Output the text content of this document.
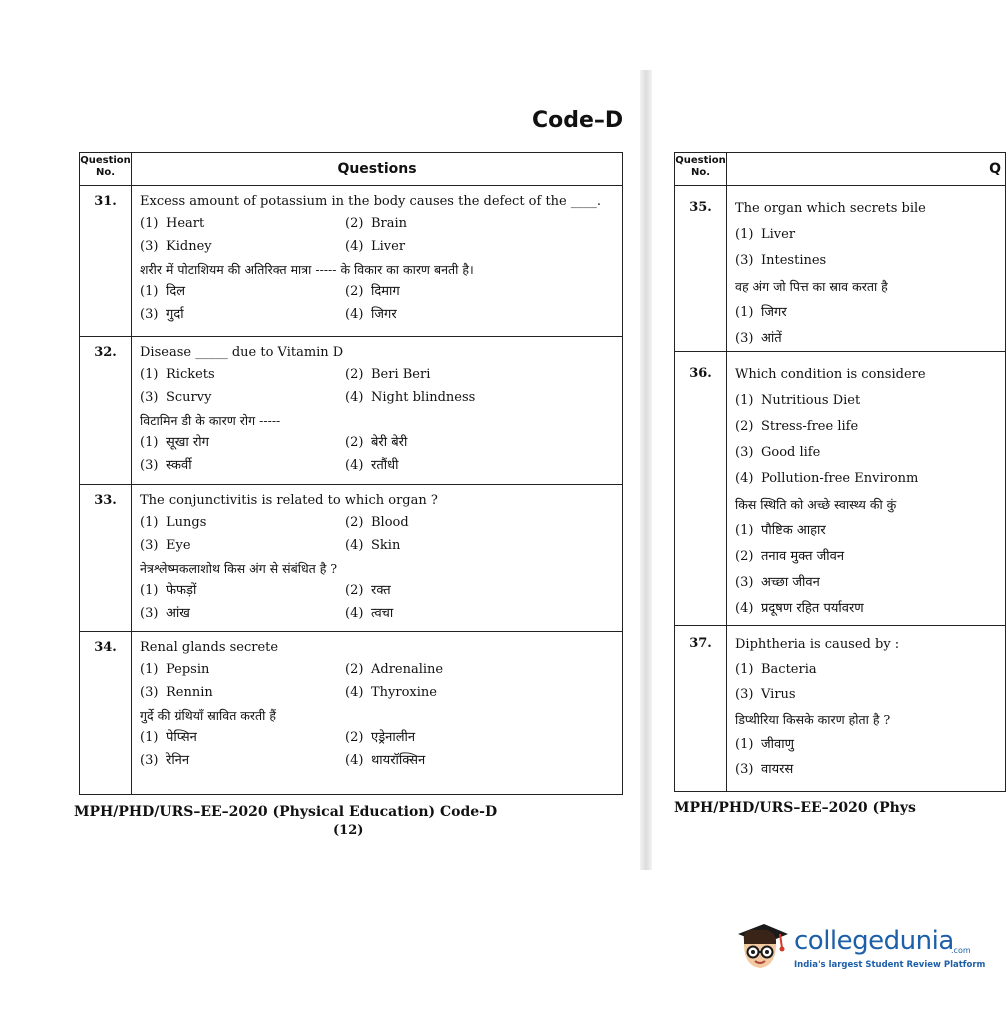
Code–D
Question No.	Questions
31.	Excess amount of potassium in the body causes the defect of the ____.
(1) Heart	(2) Brain
(3) Kidney	(4) Liver
शरीर में पोटाशियम की अतिरिक्त मात्रा ----- के विकार का कारण बनती है।
(1) दिल	(2) दिमाग
(3) गुर्दा	(4) जिगर
32.	Disease _____ due to Vitamin D
(1) Rickets	(2) Beri Beri
(3) Scurvy	(4) Night blindness
विटामिन डी के कारण रोग -----
(1) सूखा रोग	(2) बेरी बेरी
(3) स्कर्वी	(4) रतौंधी
33.	The conjunctivitis is related to which organ ?
(1) Lungs	(2) Blood
(3) Eye	(4) Skin
नेत्रश्लेष्मकलाशोथ किस अंग से संबंधित है ?
(1) फेफड़ों	(2) रक्त
(3) आंख	(4) त्वचा
34.	Renal glands secrete
(1) Pepsin	(2) Adrenaline
(3) Rennin	(4) Thyroxine
गुर्दे की ग्रंथियाँ स्रावित करती हैं
(1) पेप्सिन	(2) एड्रेनालीन
(3) रेनिन	(4) थायरॉक्सिन
MPH/PHD/URS–EE–2020 (Physical Education) Code-D
(12)
Question No.	Q
35.	The organ which secrets bile
(1) Liver
(3) Intestines
वह अंग जो पित्त का स्राव करता है
(1) जिगर
(3) आंतें
36.	Which condition is considere
(1) Nutritious Diet
(2) Stress-free life
(3) Good life
(4) Pollution-free Environm
किस स्थिति को अच्छे स्वास्थ्य की कुं
(1) पौष्टिक आहार
(2) तनाव मुक्त जीवन
(3) अच्छा जीवन
(4) प्रदूषण रहित पर्यावरण
37.	Diphtheria is caused by :
(1) Bacteria
(3) Virus
डिप्थीरिया किसके कारण होता है ?
(1) जीवाणु
(3) वायरस
MPH/PHD/URS–EE–2020 (Phys
collegedunia
.com
India's largest Student Review Platform
